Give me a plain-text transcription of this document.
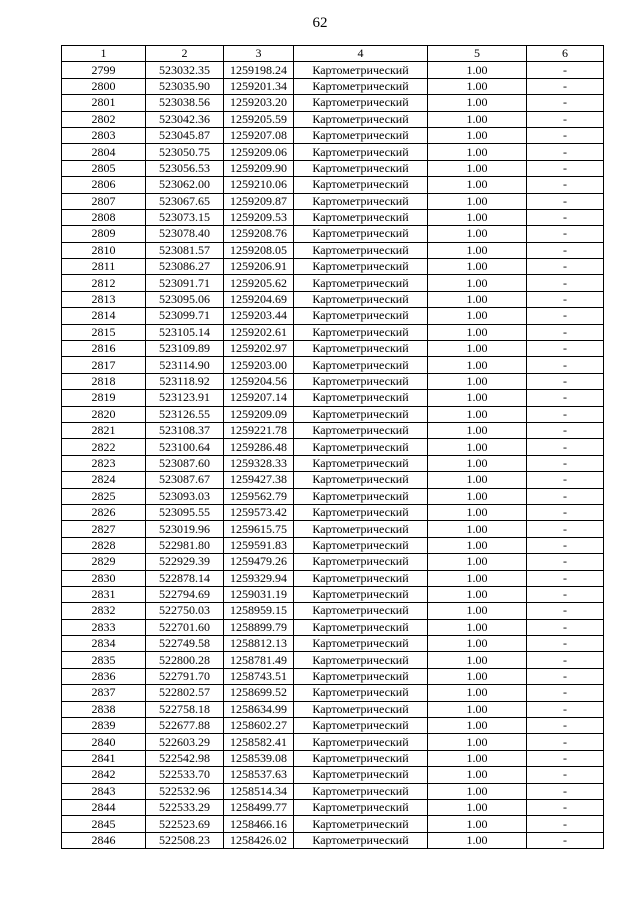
62
1	2	3	4	5	6
2799	523032.35	1259198.24	Картометрический	1.00	-
2800	523035.90	1259201.34	Картометрический	1.00	-
2801	523038.56	1259203.20	Картометрический	1.00	-
2802	523042.36	1259205.59	Картометрический	1.00	-
2803	523045.87	1259207.08	Картометрический	1.00	-
2804	523050.75	1259209.06	Картометрический	1.00	-
2805	523056.53	1259209.90	Картометрический	1.00	-
2806	523062.00	1259210.06	Картометрический	1.00	-
2807	523067.65	1259209.87	Картометрический	1.00	-
2808	523073.15	1259209.53	Картометрический	1.00	-
2809	523078.40	1259208.76	Картометрический	1.00	-
2810	523081.57	1259208.05	Картометрический	1.00	-
2811	523086.27	1259206.91	Картометрический	1.00	-
2812	523091.71	1259205.62	Картометрический	1.00	-
2813	523095.06	1259204.69	Картометрический	1.00	-
2814	523099.71	1259203.44	Картометрический	1.00	-
2815	523105.14	1259202.61	Картометрический	1.00	-
2816	523109.89	1259202.97	Картометрический	1.00	-
2817	523114.90	1259203.00	Картометрический	1.00	-
2818	523118.92	1259204.56	Картометрический	1.00	-
2819	523123.91	1259207.14	Картометрический	1.00	-
2820	523126.55	1259209.09	Картометрический	1.00	-
2821	523108.37	1259221.78	Картометрический	1.00	-
2822	523100.64	1259286.48	Картометрический	1.00	-
2823	523087.60	1259328.33	Картометрический	1.00	-
2824	523087.67	1259427.38	Картометрический	1.00	-
2825	523093.03	1259562.79	Картометрический	1.00	-
2826	523095.55	1259573.42	Картометрический	1.00	-
2827	523019.96	1259615.75	Картометрический	1.00	-
2828	522981.80	1259591.83	Картометрический	1.00	-
2829	522929.39	1259479.26	Картометрический	1.00	-
2830	522878.14	1259329.94	Картометрический	1.00	-
2831	522794.69	1259031.19	Картометрический	1.00	-
2832	522750.03	1258959.15	Картометрический	1.00	-
2833	522701.60	1258899.79	Картометрический	1.00	-
2834	522749.58	1258812.13	Картометрический	1.00	-
2835	522800.28	1258781.49	Картометрический	1.00	-
2836	522791.70	1258743.51	Картометрический	1.00	-
2837	522802.57	1258699.52	Картометрический	1.00	-
2838	522758.18	1258634.99	Картометрический	1.00	-
2839	522677.88	1258602.27	Картометрический	1.00	-
2840	522603.29	1258582.41	Картометрический	1.00	-
2841	522542.98	1258539.08	Картометрический	1.00	-
2842	522533.70	1258537.63	Картометрический	1.00	-
2843	522532.96	1258514.34	Картометрический	1.00	-
2844	522533.29	1258499.77	Картометрический	1.00	-
2845	522523.69	1258466.16	Картометрический	1.00	-
2846	522508.23	1258426.02	Картометрический	1.00	-
